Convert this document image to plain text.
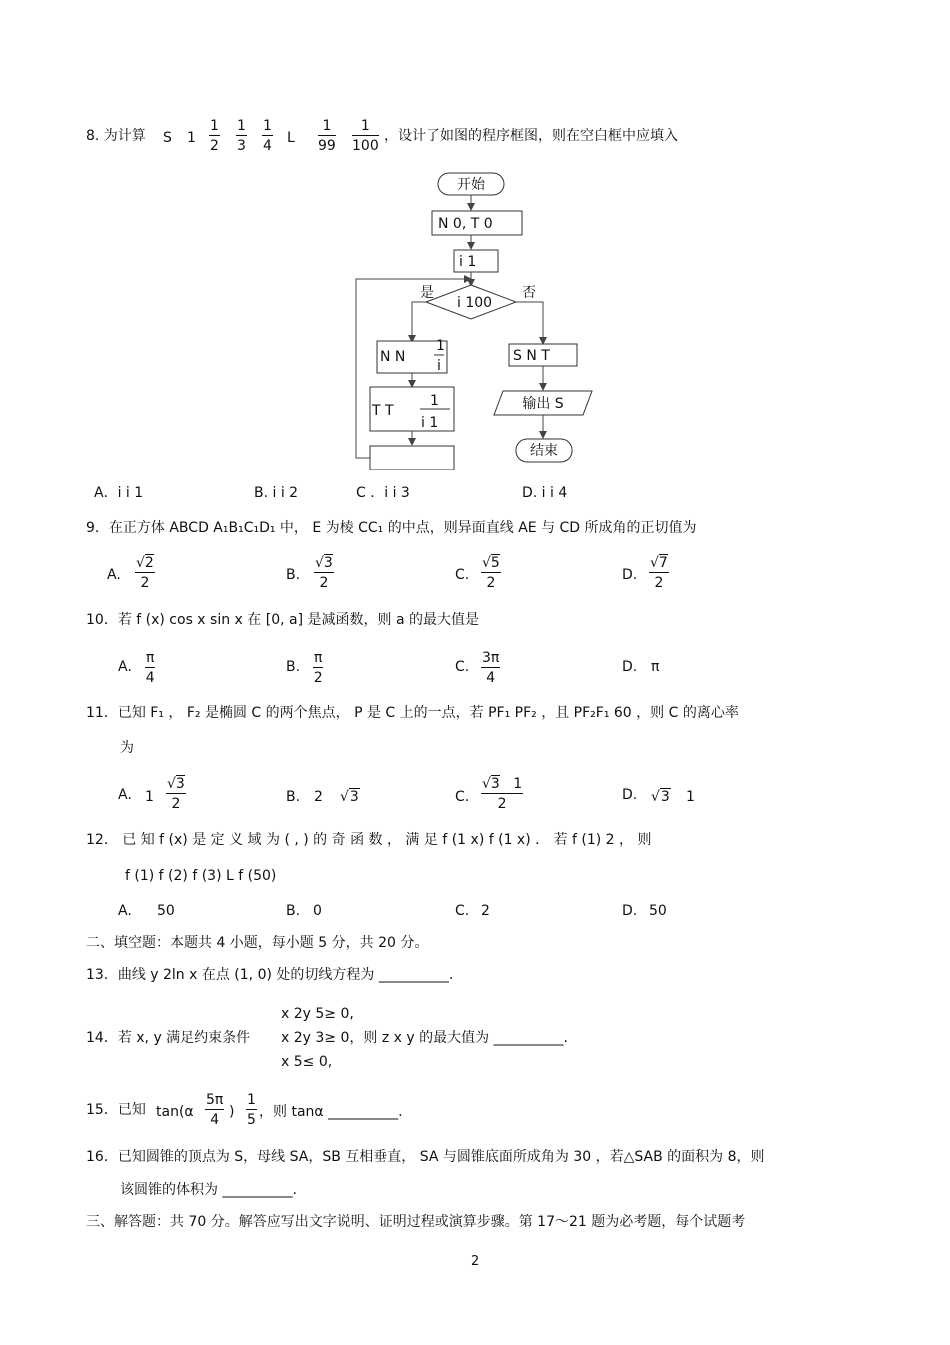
8. 为计算 S $1 \frac{1}{2} \frac{1}{3} \frac{1}{4}$ L $\frac{1}{99} \frac{1}{100}$ ，设计了如图的程序框图，则在空白框中应填入
开始
N 0, T 0
i 1
i 100
是	否
N N
1
i
T T
1
i 1
S N T
输出 S
结束
A．i i 1	B. i i 2	C ．i i 3	D. i i 4
9．在正方体 ABCD A₁B₁C₁D₁ 中， E 为棱 CC₁ 的中点，则异面直线 AE 与 CD 所成角的正切值为
A. $\frac{√2}{2}$	B. $\frac{√3}{2}$	C. $\frac{√5}{2}$	D. $\frac{√7}{2}$
10．若 f (x) cos x sin x 在 [0, a] 是减函数，则 a 的最大值是
A. $\frac{\pi}{4}$	B. $\frac{\pi}{2}$	C. $\frac{3\pi}{4}$	D. π
11．已知 F₁ ， F₂ 是椭圆 C 的两个焦点， P 是 C 上的一点，若 PF₁ PF₂ ，且 PF₂F₁ 60 ，则 C 的离心率
为
A. $1 \frac{√3}{2}$	B. 2 √3	C. $\frac{√3 1}{2}$	D. √3 1
12． 已 知 f (x) 是 定 义 域 为 ( , ) 的 奇 函 数 ， 满 足 f (1 x) f (1 x) ． 若 f (1) 2 ， 则
f (1) f (2) f (3) L f (50)
A. 50	B. 0	C. 2	D. 50
二、填空题：本题共 4 小题，每小题 5 分，共 20 分。
13．曲线 y 2ln x 在点 (1, 0) 处的切线方程为 __________.
14．若 x, y 满足约束条件
x 2y 5≥ 0,
x 2y 3≥ 0，则 z x y 的最大值为 __________.
x 5≤ 0,
15．已知 $\tan(\alpha \frac{5\pi}{4}$ ) $\frac{1}{5}$ ，则 tanα __________.
16．已知圆锥的顶点为 S，母线 SA，SB 互相垂直， SA 与圆锥底面所成角为 30 ，若△SAB 的面积为 8，则
该圆锥的体积为 __________.
三、解答题：共 70 分。解答应写出文字说明、证明过程或演算步骤。第 17～21 题为必考题，每个试题考
2
